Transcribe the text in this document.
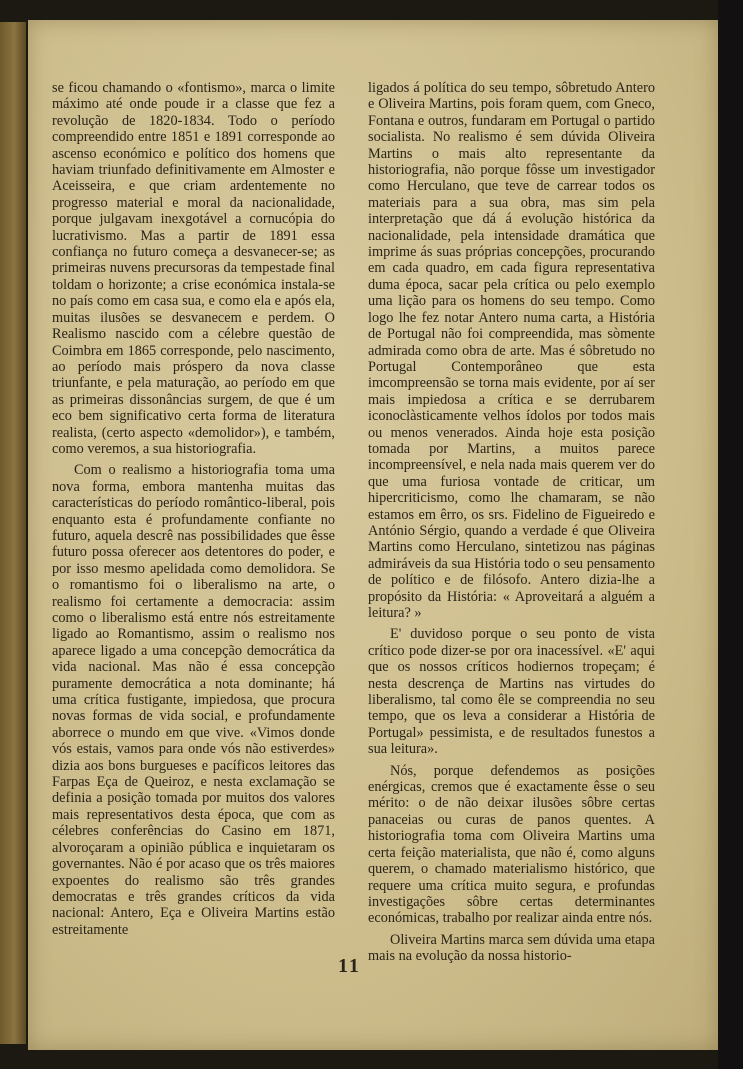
se ficou chamando o «fontismo», marca o limite máximo até onde poude ir a classe que fez a revolução de 1820-1834. Todo o período compreendido entre 1851 e 1891 corresponde ao ascenso económico e político dos homens que haviam triunfado definitivamente em Almoster e Aceisseira, e que criam ardentemente no progresso material e moral da nacionalidade, porque julgavam inexgotável a cornucópia do lucrativismo. Mas a partir de 1891 essa confiança no futuro começa a desvanecer-se; as primeiras nuvens precursoras da tempestade final toldam o horizonte; a crise económica instala-se no país como em casa sua, e como ela e após ela, muitas ilusões se desvanecem e perdem. O Realismo nascido com a célebre questão de Coimbra em 1865 corresponde, pelo nascimento, ao período mais próspero da nova classe triunfante, e pela maturação, ao período em que as primeiras dissonâncias surgem, de que é um eco bem significativo certa forma de literatura realista, (certo aspecto «demolidor»), e também, como veremos, a sua historiografia.

Com o realismo a historiografia toma uma nova forma, embora mantenha muitas das características do período romântico-liberal, pois enquanto esta é profundamente confiante no futuro, aquela descrê nas possibilidades que êsse futuro possa oferecer aos detentores do poder, e por isso mesmo apelidada como demolidora. Se o romantismo foi o liberalismo na arte, o realismo foi certamente a democracia: assim como o liberalismo está entre nós estreitamente ligado ao Romantismo, assim o realismo nos aparece ligado a uma concepção democrática da vida nacional. Mas não é essa concepção puramente democrática a nota dominante; há uma crítica fustigante, impiedosa, que procura novas formas de vida social, e profundamente aborrece o mundo em que vive. «Vimos donde vós estais, vamos para onde vós não estiverdes» dizia aos bons burgueses e pacíficos leitores das Farpas Eça de Queiroz, e nesta exclamação se definia a posição tomada por muitos dos valores mais representativos desta época, que com as célebres conferências do Casino em 1871, alvoroçaram a opinião pública e inquietaram os governantes. Não é por acaso que os três maiores expoentes do realismo são três grandes democratas e três grandes críticos da vida nacional: Antero, Eça e Oliveira Martins estão estreitamente

ligados á política do seu tempo, sôbretudo Antero e Oliveira Martins, pois foram quem, com Gneco, Fontana e outros, fundaram em Portugal o partido socialista. No realismo é sem dúvida Oliveira Martins o mais alto representante da historiografia, não porque fôsse um investigador como Herculano, que teve de carrear todos os materiais para a sua obra, mas sim pela interpretação que dá á evolução histórica da nacionalidade, pela intensidade dramática que imprime ás suas próprias concepções, procurando em cada quadro, em cada figura representativa duma época, sacar pela crítica ou pelo exemplo uma lição para os homens do seu tempo. Como logo lhe fez notar Antero numa carta, a História de Portugal não foi compreendida, mas sòmente admirada como obra de arte. Mas é sôbretudo no Portugal Contemporâneo que esta imcompreensão se torna mais evidente, por aí ser mais impiedosa a crítica e se derrubarem iconoclàsticamente velhos ídolos por todos mais ou menos venerados. Ainda hoje esta posição tomada por Martins, a muitos parece incompreensível, e nela nada mais querem ver do que uma furiosa vontade de criticar, um hipercriticismo, como lhe chamaram, se não estamos em êrro, os srs. Fidelino de Figueiredo e António Sérgio, quando a verdade é que Oliveira Martins como Herculano, sintetizou nas páginas admiráveis da sua História todo o seu pensamento de político e de filósofo. Antero dizia-lhe a propósito da História: « Aproveitará a alguém a leitura? »

E' duvidoso porque o seu ponto de vista crítico pode dizer-se por ora inacessível. «E' aqui que os nossos críticos hodiernos tropeçam; é nesta descrença de Martins nas virtudes do liberalismo, tal como êle se compreendia no seu tempo, que os leva a considerar a História de Portugal» pessimista, e de resultados funestos a sua leitura».

Nós, porque defendemos as posições enérgicas, cremos que é exactamente êsse o seu mérito: o de não deixar ilusões sôbre certas panaceias ou curas de panos quentes. A historiografia toma com Oliveira Martins uma certa feição materialista, que não é, como alguns querem, o chamado materialismo histórico, que requere uma crítica muito segura, e profundas investigações sôbre certas determinantes económicas, trabalho por realizar ainda entre nós.

Oliveira Martins marca sem dúvida uma etapa mais na evolução da nossa historio-

11
